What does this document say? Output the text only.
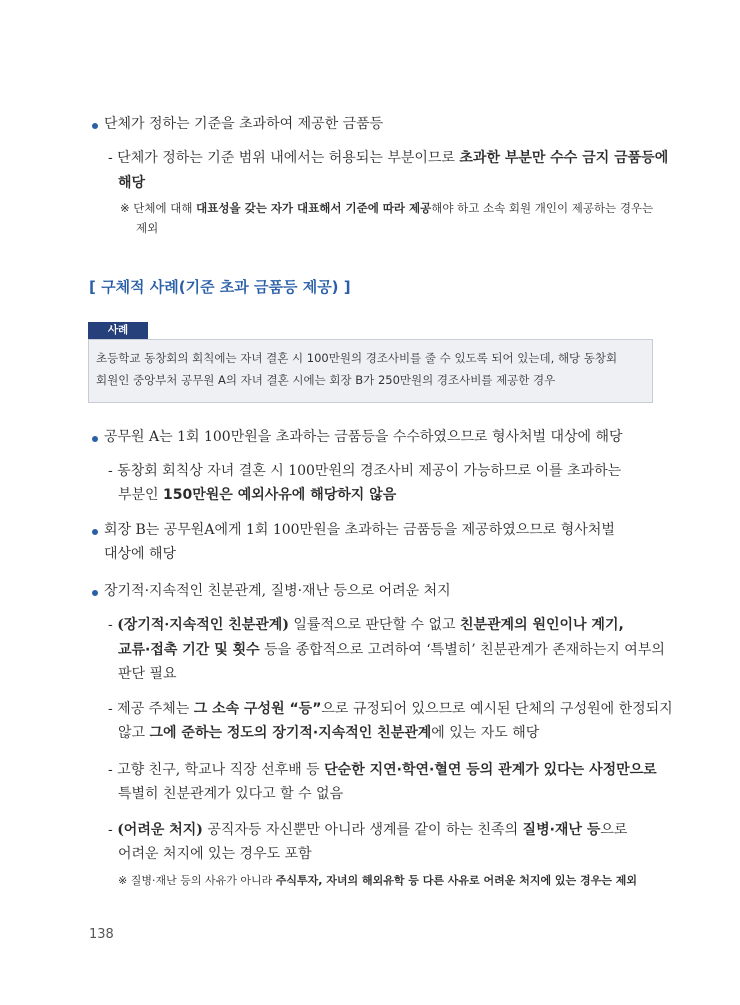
단체가 정하는 기준을 초과하여 제공한 금품등
- 단체가 정하는 기준 범위 내에서는 허용되는 부분이므로 초과한 부분만 수수 금지 금품등에
해당
※ 단체에 대해 대표성을 갖는 자가 대표해서 기준에 따라 제공해야 하고 소속 회원 개인이 제공하는 경우는
제외
[ 구체적 사례(기준 초과 금품등 제공) ]
사례
초등학교 동창회의 회칙에는 자녀 결혼 시 100만원의 경조사비를 줄 수 있도록 되어 있는데, 해당 동창회
회원인 중앙부처 공무원 A의 자녀 결혼 시에는 회장 B가 250만원의 경조사비를 제공한 경우
공무원 A는 1회 100만원을 초과하는 금품등을 수수하였으므로 형사처벌 대상에 해당
- 동창회 회칙상 자녀 결혼 시 100만원의 경조사비 제공이 가능하므로 이를 초과하는
부분인 150만원은 예외사유에 해당하지 않음
회장 B는 공무원A에게 1회 100만원을 초과하는 금품등을 제공하였으므로 형사처벌
대상에 해당
장기적·지속적인 친분관계, 질병·재난 등으로 어려운 처지
- (장기적·지속적인 친분관계) 일률적으로 판단할 수 없고 친분관계의 원인이나 계기,
교류·접촉 기간 및 횟수 등을 종합적으로 고려하여 ‘특별히’ 친분관계가 존재하는지 여부의
판단 필요
- 제공 주체는 그 소속 구성원 “등”으로 규정되어 있으므로 예시된 단체의 구성원에 한정되지
않고 그에 준하는 정도의 장기적·지속적인 친분관계에 있는 자도 해당
- 고향 친구, 학교나 직장 선후배 등 단순한 지연·학연·혈연 등의 관계가 있다는 사정만으로
특별히 친분관계가 있다고 할 수 없음
- (어려운 처지) 공직자등 자신뿐만 아니라 생계를 같이 하는 친족의 질병·재난 등으로
어려운 처지에 있는 경우도 포함
※ 질병·재난 등의 사유가 아니라 주식투자, 자녀의 해외유학 등 다른 사유로 어려운 처지에 있는 경우는 제외
138
